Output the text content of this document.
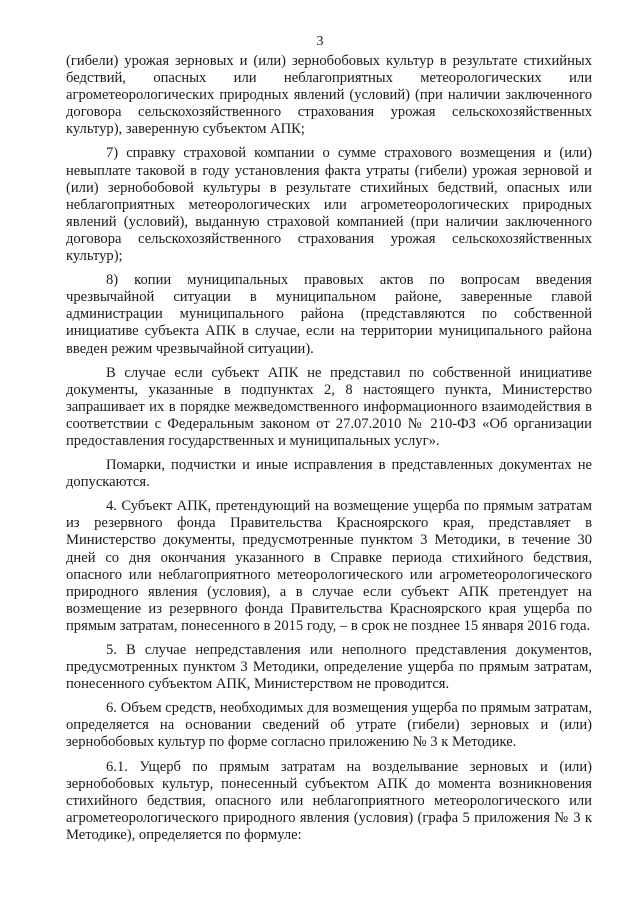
3

(гибели) урожая зерновых и (или) зернобобовых культур в результате стихийных бедствий, опасных или неблагоприятных метеорологических или агрометеорологических природных явлений (условий) (при наличии заключенного договора сельскохозяйственного страхования урожая сельскохозяйственных культур), заверенную субъектом АПК;

7) справку страховой компании о сумме страхового возмещения и (или) невыплате таковой в году установления факта утраты (гибели) урожая зерновой и (или) зернобобовой культуры в результате стихийных бедствий, опасных или неблагоприятных метеорологических или агрометеорологических природных явлений (условий), выданную страховой компанией (при наличии заключенного договора сельскохозяйственного страхования урожая сельскохозяйственных культур);

8) копии муниципальных правовых актов по вопросам введения чрезвычайной ситуации в муниципальном районе, заверенные главой администрации муниципального района (представляются по собственной инициативе субъекта АПК в случае, если на территории муниципального района введен режим чрезвычайной ситуации).

В случае если субъект АПК не представил по собственной инициативе документы, указанные в подпунктах 2, 8 настоящего пункта, Министерство запрашивает их в порядке межведомственного информационного взаимодействия в соответствии с Федеральным законом от 27.07.2010 № 210-ФЗ «Об организации предоставления государственных и муниципальных услуг».

Помарки, подчистки и иные исправления в представленных документах не допускаются.

4. Субъект АПК, претендующий на возмещение ущерба по прямым затратам из резервного фонда Правительства Красноярского края, представляет в Министерство документы, предусмотренные пунктом 3 Методики, в течение 30 дней со дня окончания указанного в Справке периода стихийного бедствия, опасного или неблагоприятного метеорологического или агрометеорологического природного явления (условия), а в случае если субъект АПК претендует на возмещение из резервного фонда Правительства Красноярского края ущерба по прямым затратам, понесенного в 2015 году, – в срок не позднее 15 января 2016 года.

5. В случае непредставления или неполного представления документов, предусмотренных пунктом 3 Методики, определение ущерба по прямым затратам, понесенного субъектом АПК, Министерством не проводится.

6. Объем средств, необходимых для возмещения ущерба по прямым затратам, определяется на основании сведений об утрате (гибели) зерновых и (или) зернобобовых культур по форме согласно приложению № 3 к Методике.

6.1. Ущерб по прямым затратам на возделывание зерновых и (или) зернобобовых культур, понесенный субъектом АПК до момента возникновения стихийного бедствия, опасного или неблагоприятного метеорологического или агрометеорологического природного явления (условия) (графа 5 приложения № 3 к Методике), определяется по формуле:
